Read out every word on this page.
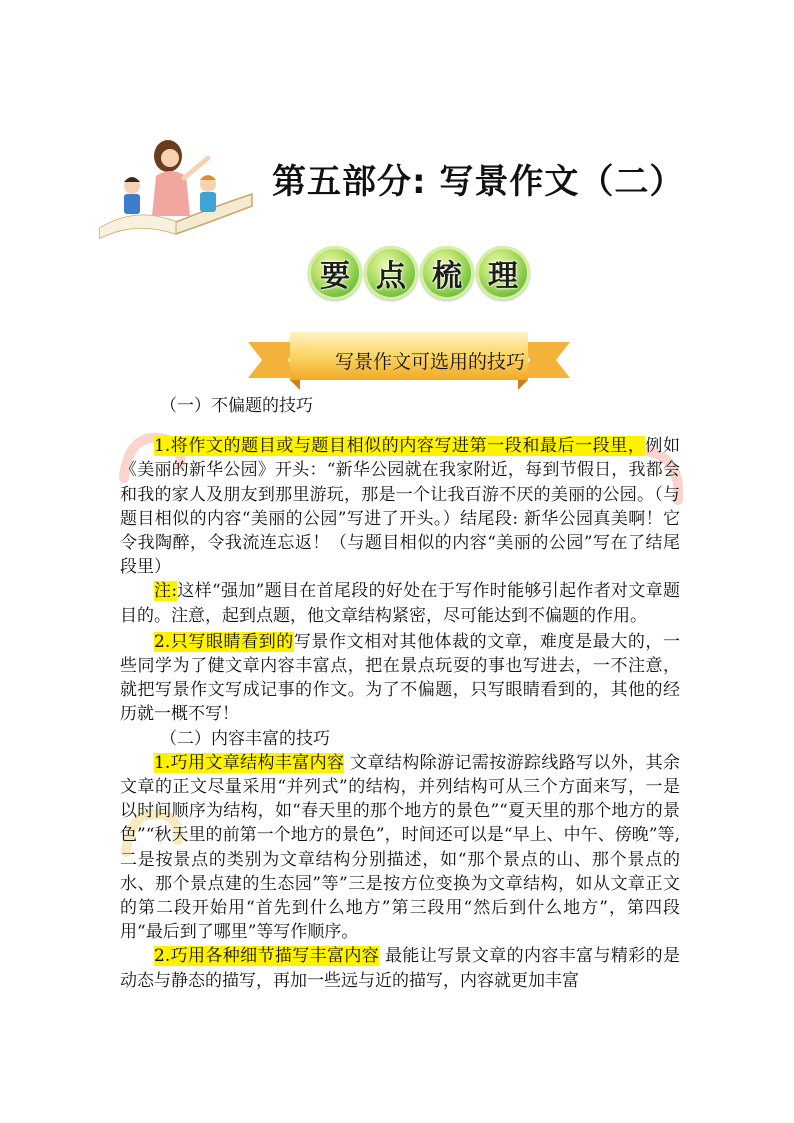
第五部分: 写景作文（二）
要 点 梳 理
写景作文可选用的技巧

（一）不偏题的技巧

1.将作文的题目或与题目相似的内容写进第一段和最后一段里，例如《美丽的新华公园》开头：“新华公园就在我家附近，每到节假日，我都会和我的家人及朋友到那里游玩，那是一个让我百游不厌的美丽的公园。（与题目相似的内容“美丽的公园”写进了开头。）结尾段: 新华公园真美啊！它令我陶醉，令我流连忘返！（与题目相似的内容“美丽的公园”写在了结尾段里）

注:这样“强加”题目在首尾段的好处在于写作时能够引起作者对文章题目的。注意，起到点题，他文章结构紧密，尽可能达到不偏题的作用。

2.只写眼睛看到的写景作文相对其他体裁的文章，难度是最大的，一些同学为了健文章内容丰富点，把在景点玩耍的事也写进去，一不注意，就把写景作文写成记事的作文。为了不偏题，只写眼睛看到的，其他的经历就一概不写！

（二）内容丰富的技巧

1.巧用文章结构丰富内容 文章结构除游记需按游踪线路写以外，其余文章的正文尽量采用“并列式”的结构，并列结构可从三个方面来写，一是以时间顺序为结构，如“春天里的那个地方的景色”“夏天里的那个地方的景色”“秋天里的前第一个地方的景色”，时间还可以是“早上、中午、傍晚”等, 二是按景点的类别为文章结构分别描述，如“那个景点的山、那个景点的水、那个景点建的生态园”等”三是按方位变换为文章结构，如从文章正文的第二段开始用“首先到什么地方”第三段用“然后到什么地方”，第四段用“最后到了哪里”等写作顺序。

2.巧用各种细节描写丰富内容 最能让写景文章的内容丰富与精彩的是动态与静态的描写，再加一些远与近的描写，内容就更加丰富
